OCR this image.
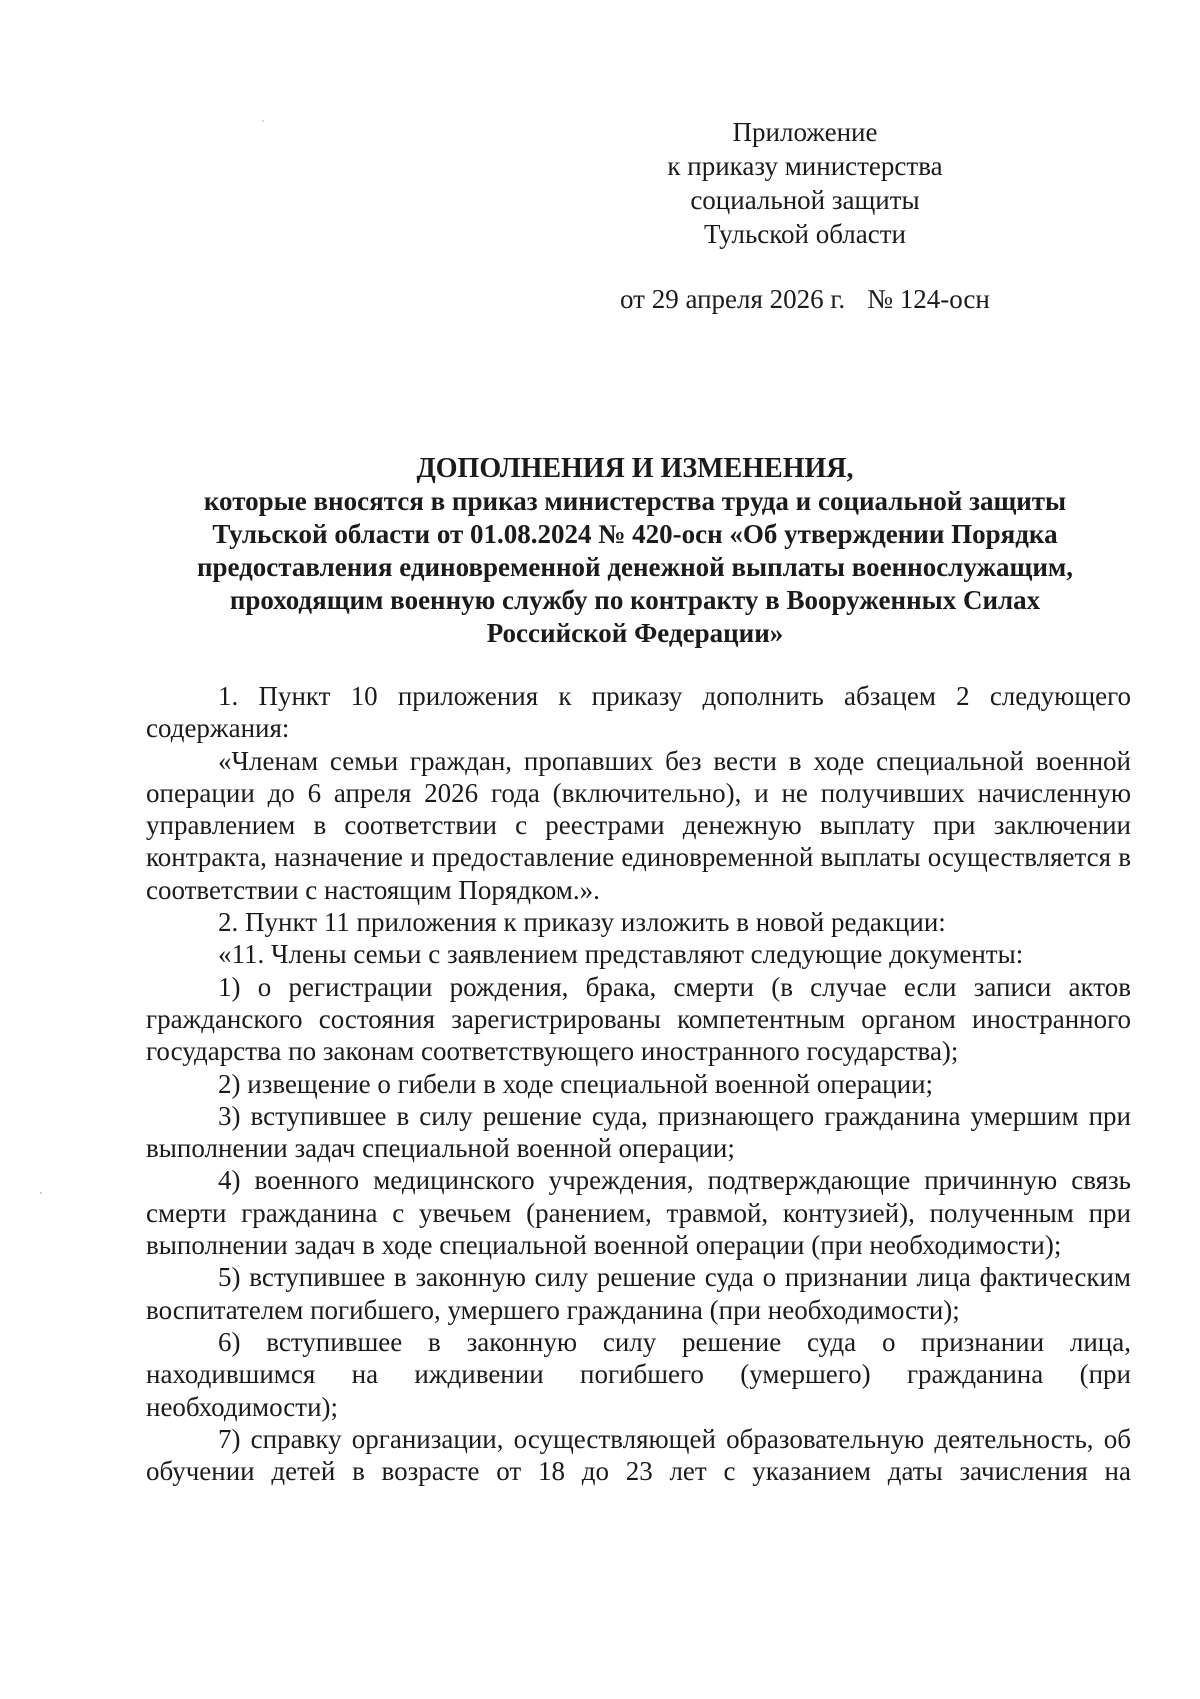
Приложение
к приказу министерства
социальной защиты
Тульской области
от 29 апреля 2026 г. № 124-осн
ДОПОЛНЕНИЯ И ИЗМЕНЕНИЯ,
которые вносятся в приказ министерства труда и социальной защиты
Тульской области от 01.08.2024 № 420-осн «Об утверждении Порядка
предоставления единовременной денежной выплаты военнослужащим,
проходящим военную службу по контракту в Вооруженных Силах
Российской Федерации»

1. Пункт 10 приложения к приказу дополнить абзацем 2 следующего содержания:

«Членам семьи граждан, пропавших без вести в ходе специальной военной операции до 6 апреля 2026 года (включительно), и не получивших начисленную управлением в соответствии с реестрами денежную выплату при заключении контракта, назначение и предоставление единовременной выплаты осуществляется в соответствии с настоящим Порядком.».

2. Пункт 11 приложения к приказу изложить в новой редакции:

«11. Члены семьи с заявлением представляют следующие документы:

1) о регистрации рождения, брака, смерти (в случае если записи актов гражданского состояния зарегистрированы компетентным органом иностранного государства по законам соответствующего иностранного государства);

2) извещение о гибели в ходе специальной военной операции;

3) вступившее в силу решение суда, признающего гражданина умершим при выполнении задач специальной военной операции;

4) военного медицинского учреждения, подтверждающие причинную связь смерти гражданина с увечьем (ранением, травмой, контузией), полученным при выполнении задач в ходе специальной военной операции (при необходимости);

5) вступившее в законную силу решение суда о признании лица фактическим воспитателем погибшего, умершего гражданина (при необходимости);

6) вступившее в законную силу решение суда о признании лица, находившимся на иждивении погибшего (умершего) гражданина (при необходимости);

7) справку организации, осуществляющей образовательную деятельность, об обучении детей в возрасте от 18 до 23 лет с указанием даты зачисления на
